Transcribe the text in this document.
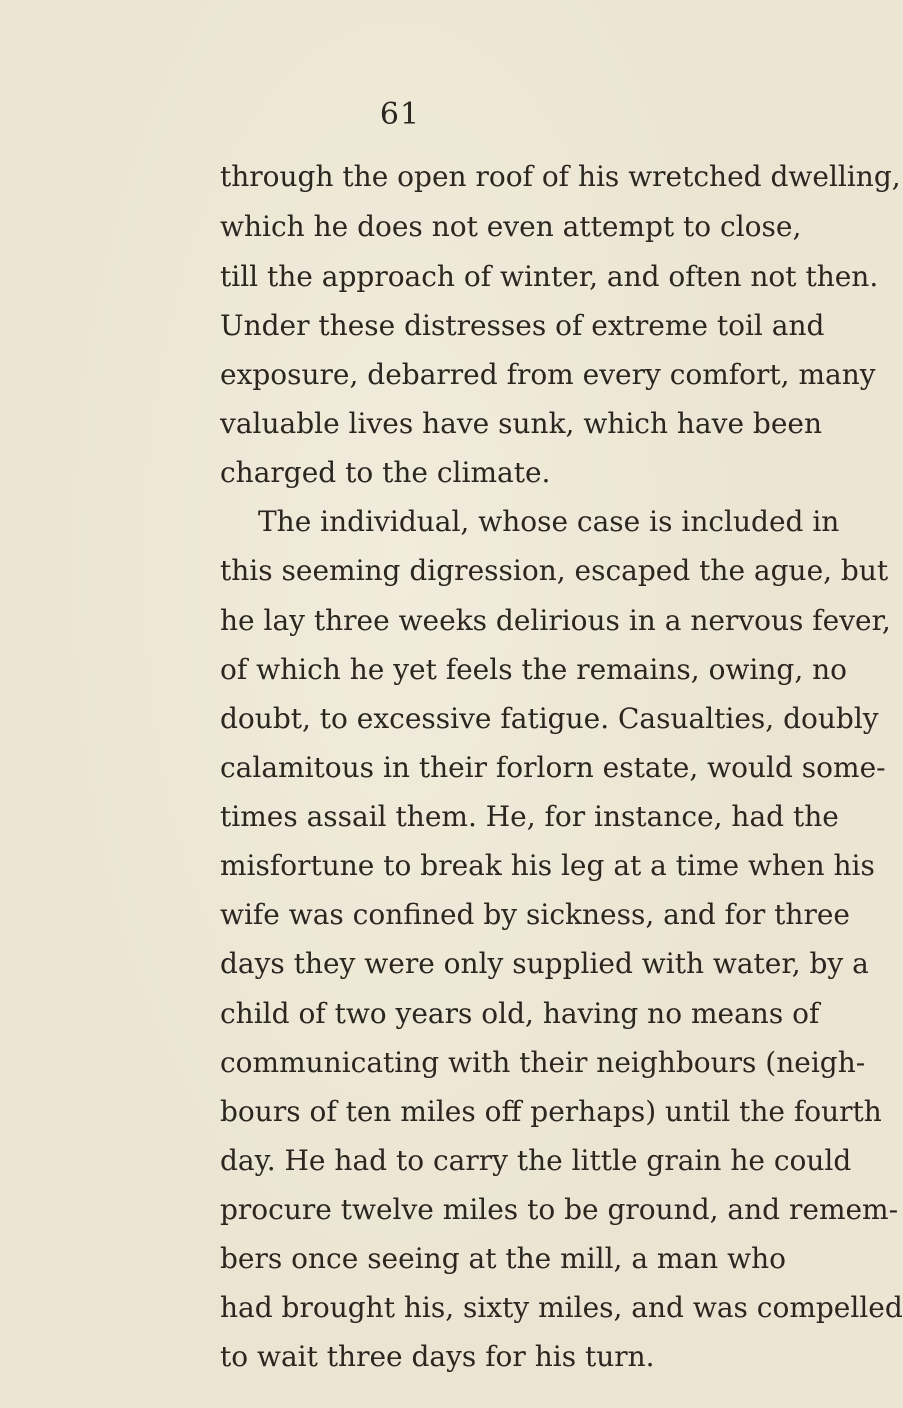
61
through the open roof of his wretched dwelling,
which he does not even attempt to close,
till the approach of winter, and often not then.
Under these distresses of extreme toil and
exposure, debarred from every comfort, many
valuable lives have sunk, which have been
charged to the climate.
The individual, whose case is included in
this seeming digression, escaped the ague, but
he lay three weeks delirious in a nervous fever,
of which he yet feels the remains, owing, no
doubt, to excessive fatigue. Casualties, doubly
calamitous in their forlorn estate, would some-
times assail them. He, for instance, had the
misfortune to break his leg at a time when his
wife was confined by sickness, and for three
days they were only supplied with water, by a
child of two years old, having no means of
communicating with their neighbours (neigh-
bours of ten miles off perhaps) until the fourth
day. He had to carry the little grain he could
procure twelve miles to be ground, and remem-
bers once seeing at the mill, a man who
had brought his, sixty miles, and was compelled
to wait three days for his turn.
